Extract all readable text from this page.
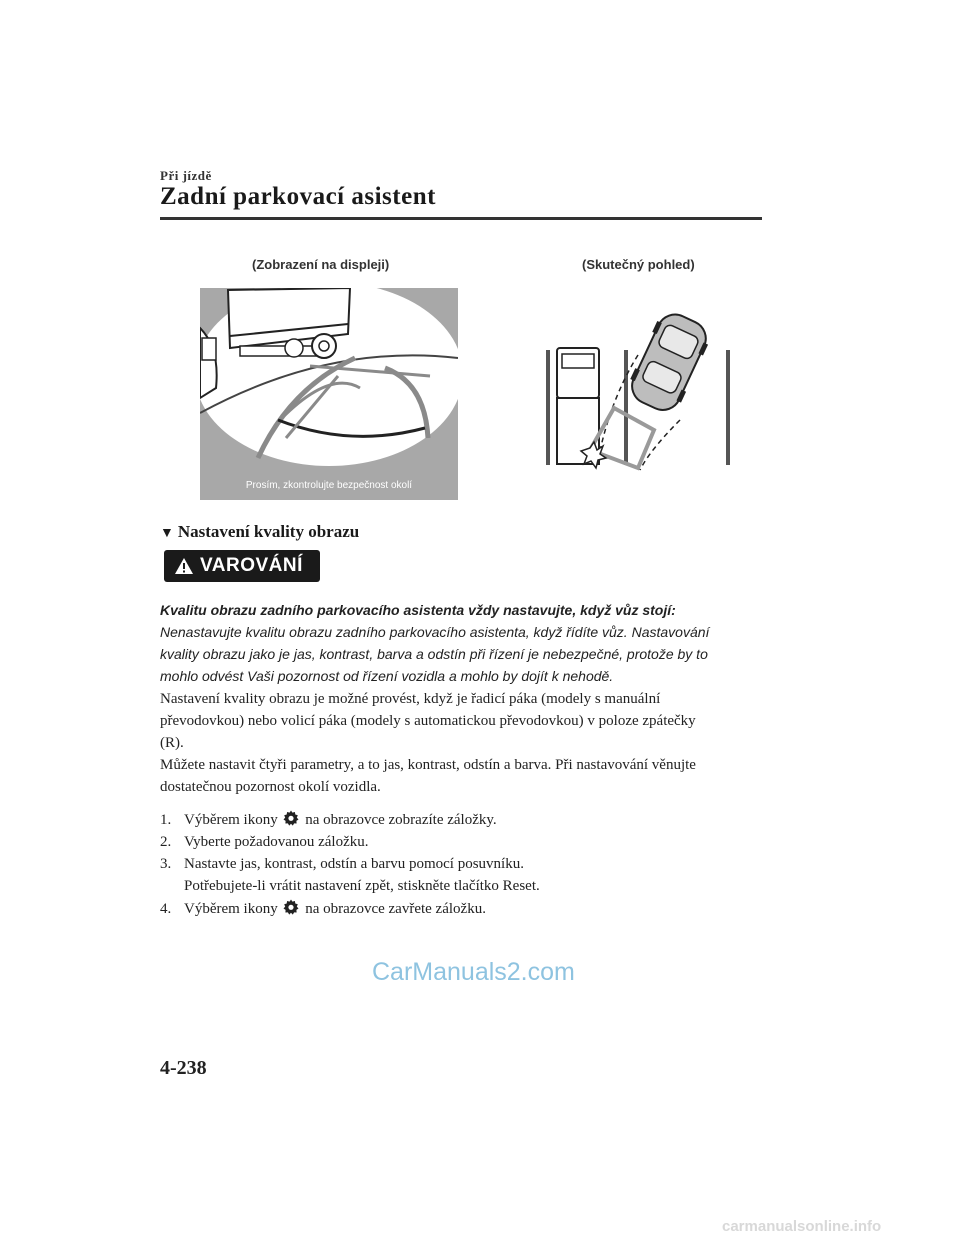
Při jízdě
Zadní parkovací asistent
(Zobrazení na displeji)	(Skutečný pohled)
Prosím, zkontrolujte bezpečnost okolí
▼ Nastavení kvality obrazu
VAROVÁNÍ
Kvalitu obrazu zadního parkovacího asistenta vždy nastavujte, když vůz stojí:
Nenastavujte kvalitu obrazu zadního parkovacího asistenta, když řídíte vůz. Nastavování
kvality obrazu jako je jas, kontrast, barva a odstín při řízení je nebezpečné, protože by to
mohlo odvést Vaši pozornost od řízení vozidla a mohlo by dojít k nehodě.
Nastavení kvality obrazu je možné provést, když je řadicí páka (modely s manuální
převodovkou) nebo volicí páka (modely s automatickou převodovkou) v poloze zpátečky
(R).
Můžete nastavit čtyři parametry, a to jas, kontrast, odstín a barva. Při nastavování věnujte
dostatečnou pozornost okolí vozidla.
1. Výběrem ikony na obrazovce zobrazíte záložky.
2. Vyberte požadovanou záložku.
3. Nastavte jas, kontrast, odstín a barvu pomocí posuvníku.
Potřebujete-li vrátit nastavení zpět, stiskněte tlačítko Reset.
4. Výběrem ikony na obrazovce zavřete záložku.
CarManuals2.com
4-238
carmanualsonline.info
